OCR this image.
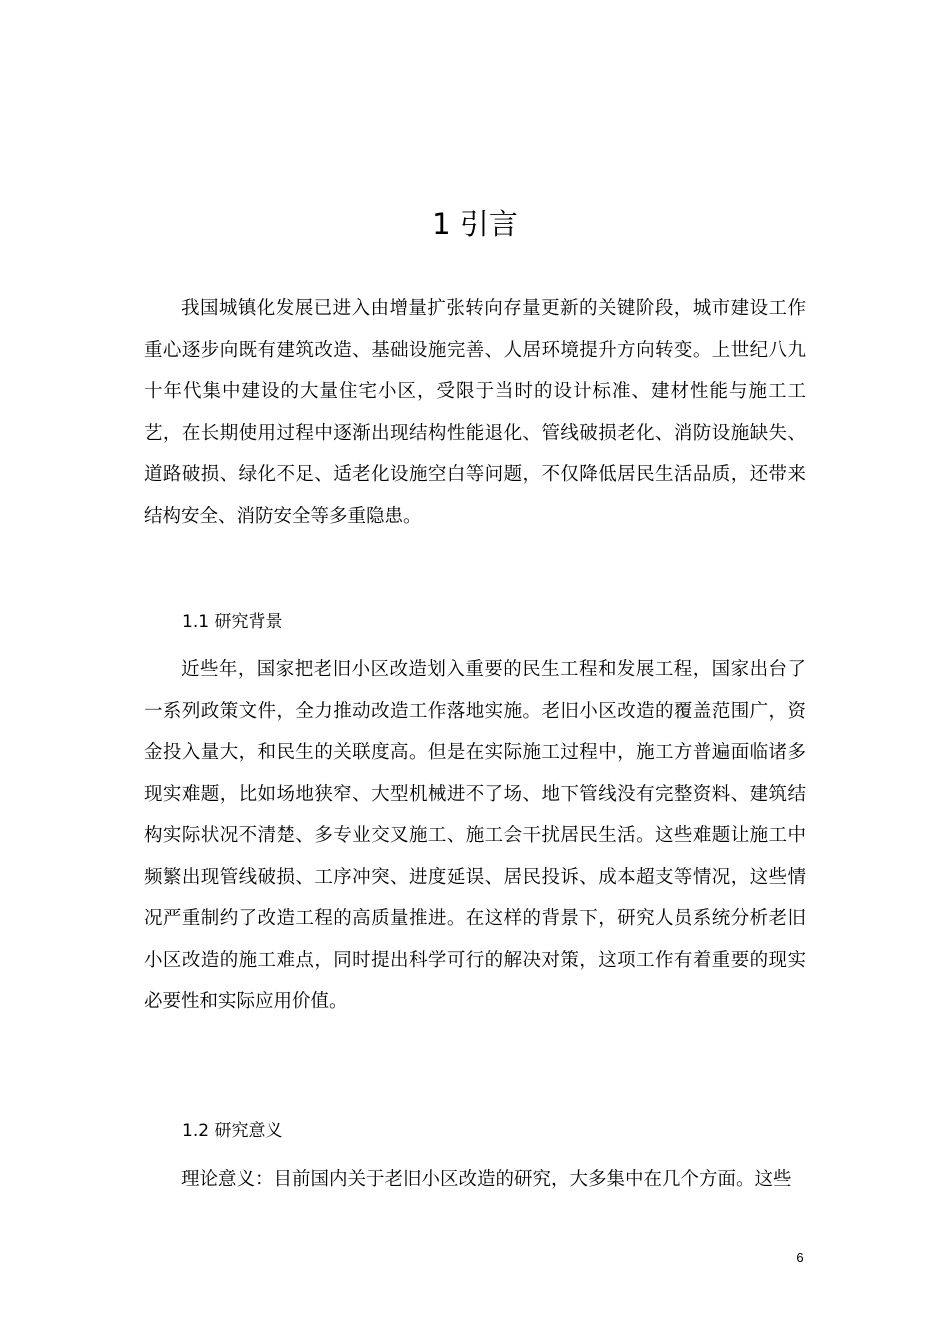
1 引言

我国城镇化发展已进入由增量扩张转向存量更新的关键阶段，城市建设工作重心逐步向既有建筑改造、基础设施完善、人居环境提升方向转变。上世纪八九十年代集中建设的大量住宅小区，受限于当时的设计标准、建材性能与施工工艺，在长期使用过程中逐渐出现结构性能退化、管线破损老化、消防设施缺失、道路破损、绿化不足、适老化设施空白等问题，不仅降低居民生活品质，还带来结构安全、消防安全等多重隐患。

1.1 研究背景

近些年，国家把老旧小区改造划入重要的民生工程和发展工程，国家出台了一系列政策文件，全力推动改造工作落地实施。老旧小区改造的覆盖范围广，资金投入量大，和民生的关联度高。但是在实际施工过程中，施工方普遍面临诸多现实难题，比如场地狭窄、大型机械进不了场、地下管线没有完整资料、建筑结构实际状况不清楚、多专业交叉施工、施工会干扰居民生活。这些难题让施工中频繁出现管线破损、工序冲突、进度延误、居民投诉、成本超支等情况，这些情况严重制约了改造工程的高质量推进。在这样的背景下，研究人员系统分析老旧小区改造的施工难点，同时提出科学可行的解决对策，这项工作有着重要的现实必要性和实际应用价值。

1.2 研究意义

理论意义：目前国内关于老旧小区改造的研究，大多集中在几个方面。这些

6
